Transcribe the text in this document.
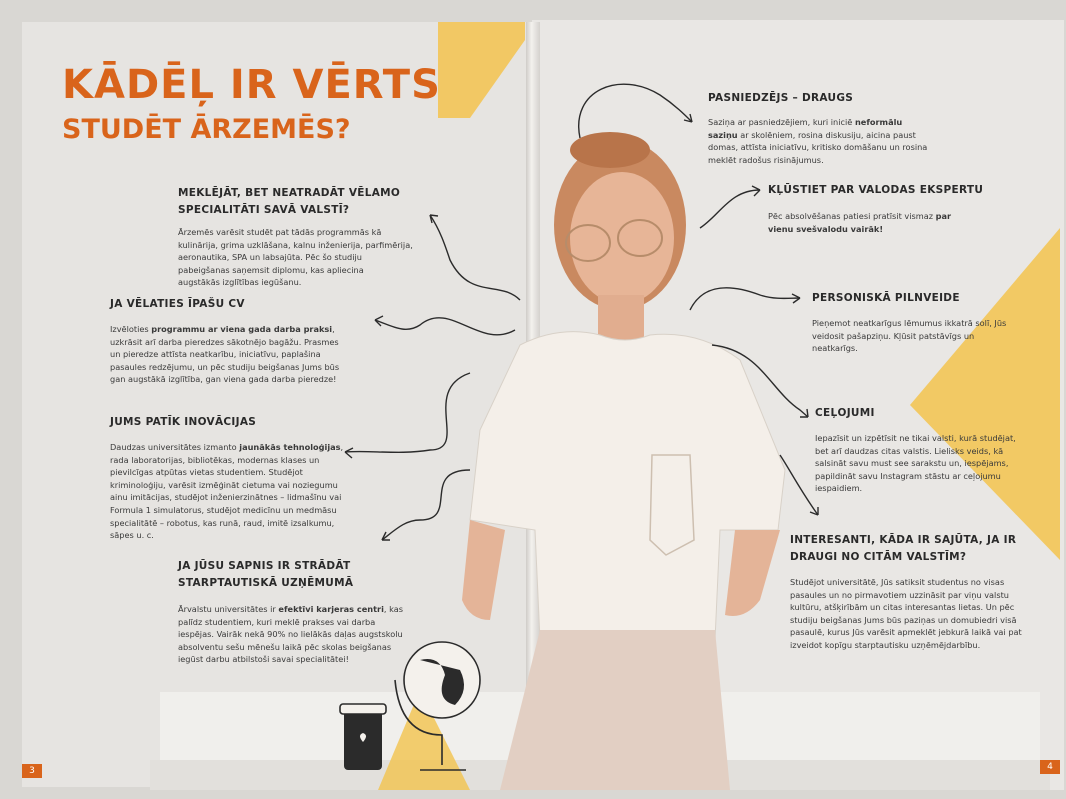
KĀDĒĻ IR VĒRTS
STUDĒT ĀRZEMĒS?
MEKLĒJĀT, BET NEATRADĀT VĒLAMO
SPECIALITĀTI SAVĀ VALSTĪ?
Ārzemēs varēsit studēt pat tādās programmās kā
kulinārija, grima uzklāšana, kalnu inženierija, parfimērija,
aeronautika, SPA un labsajūta. Pēc šo studiju
pabeigšanas saņemsit diplomu, kas apliecina
augstākās izglītības iegūšanu.
JA VĒLATIES ĪPAŠU CV
Izvēloties programmu ar viena gada darba praksi,
uzkrāsit arī darba pieredzes sākotnējo bagāžu. Prasmes
un pieredze attīsta neatkarību, iniciatīvu, paplašina
pasaules redzējumu, un pēc studiju beigšanas Jums būs
gan augstākā izglītība, gan viena gada darba pieredze!
JUMS PATĪK INOVĀCIJAS
Daudzas universitātes izmanto jaunākās tehnoloģijas,
rada laboratorijas, bibliotēkas, modernas klases un
pievilcīgas atpūtas vietas studentiem. Studējot
kriminoloģiju, varēsit izmēģināt cietuma vai noziegumu
ainu imitācijas, studējot inženierzinātnes – lidmašīnu vai
Formula 1 simulatorus, studējot medicīnu un medmāsu
specialitātē – robotus, kas runā, raud, imitē izsalkumu,
sāpes u. c.
JA JŪSU SAPNIS IR STRĀDĀT
STARPTAUTISKĀ UZŅĒMUMĀ
Ārvalstu universitātes ir efektīvi karjeras centri, kas
palīdz studentiem, kuri meklē prakses vai darba
iespējas. Vairāk nekā 90% no lielākās daļas augstskolu
absolventu sešu mēnešu laikā pēc skolas beigšanas
iegūst darbu atbilstoši savai specialitātei!
PASNIEDZĒJS – DRAUGS
Saziņa ar pasniedzējiem, kuri iniciē neformālu
saziņu ar skolēniem, rosina diskusiju, aicina paust
domas, attīsta iniciatīvu, kritisko domāšanu un rosina
meklēt radošus risinājumus.
KĻŪSTIET PAR VALODAS EKSPERTU
Pēc absolvēšanas patiesi pratīsit vismaz par
vienu svešvalodu vairāk!
PERSONISKĀ PILNVEIDE
Pieņemot neatkarīgus lēmumus ikkatrā solī, Jūs
veidosit pašapziņu. Kļūsit patstāvīgs un
neatkarīgs.
CEĻOJUMI
Iepazīsit un izpētīsit ne tikai valsti, kurā studējat,
bet arī daudzas citas valstis. Lielisks veids, kā
salsināt savu must see sarakstu un, iespējams,
papildināt savu Instagram stāstu ar ceļojumu
iespaidiem.
INTERESANTI, KĀDA IR SAJŪTA, JA IR
DRAUGI NO CITĀM VALSTĪM?
Studējot universitātē, Jūs satiksit studentus no visas
pasaules un no pirmavotiem uzzināsit par viņu valstu
kultūru, atšķirībām un citas interesantas lietas. Un pēc
studiju beigšanas Jums būs paziņas un domubiedri visā
pasaulē, kurus Jūs varēsit apmeklēt jebkurā laikā vai pat
izveidot kopīgu starptautisku uzņēmējdarbību.
3	4
